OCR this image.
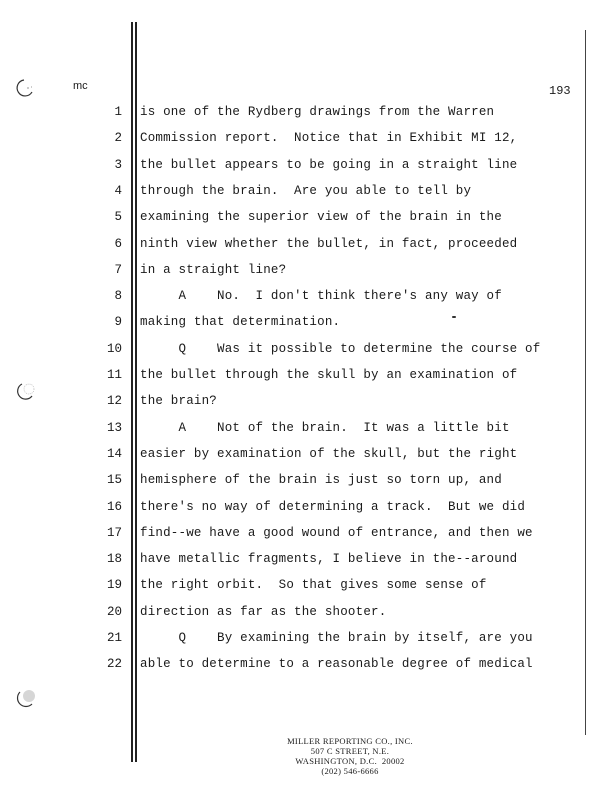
mc	193
1 is one of the Rydberg drawings from the Warren
2 Commission report.  Notice that in Exhibit MI 12,
3 the bullet appears to be going in a straight line
4 through the brain.  Are you able to tell by
5 examining the superior view of the brain in the
6 ninth view whether the bullet, in fact, proceeded
7 in a straight line?
8 A    No.  I don't think there's any way of
9 making that determination.
10 Q    Was it possible to determine the course of
11 the bullet through the skull by an examination of
12 the brain?
13 A    Not of the brain.  It was a little bit
14 easier by examination of the skull, but the right
15 hemisphere of the brain is just so torn up, and
16 there's no way of determining a track.  But we did
17 find--we have a good wound of entrance, and then we
18 have metallic fragments, I believe in the--around
19 the right orbit.  So that gives some sense of
20 direction as far as the shooter.
21 Q    By examining the brain by itself, are you
22 able to determine to a reasonable degree of medical
MILLER REPORTING CO., INC.
507 C STREET, N.E.
WASHINGTON, D.C.  20002
(202) 546-6666
